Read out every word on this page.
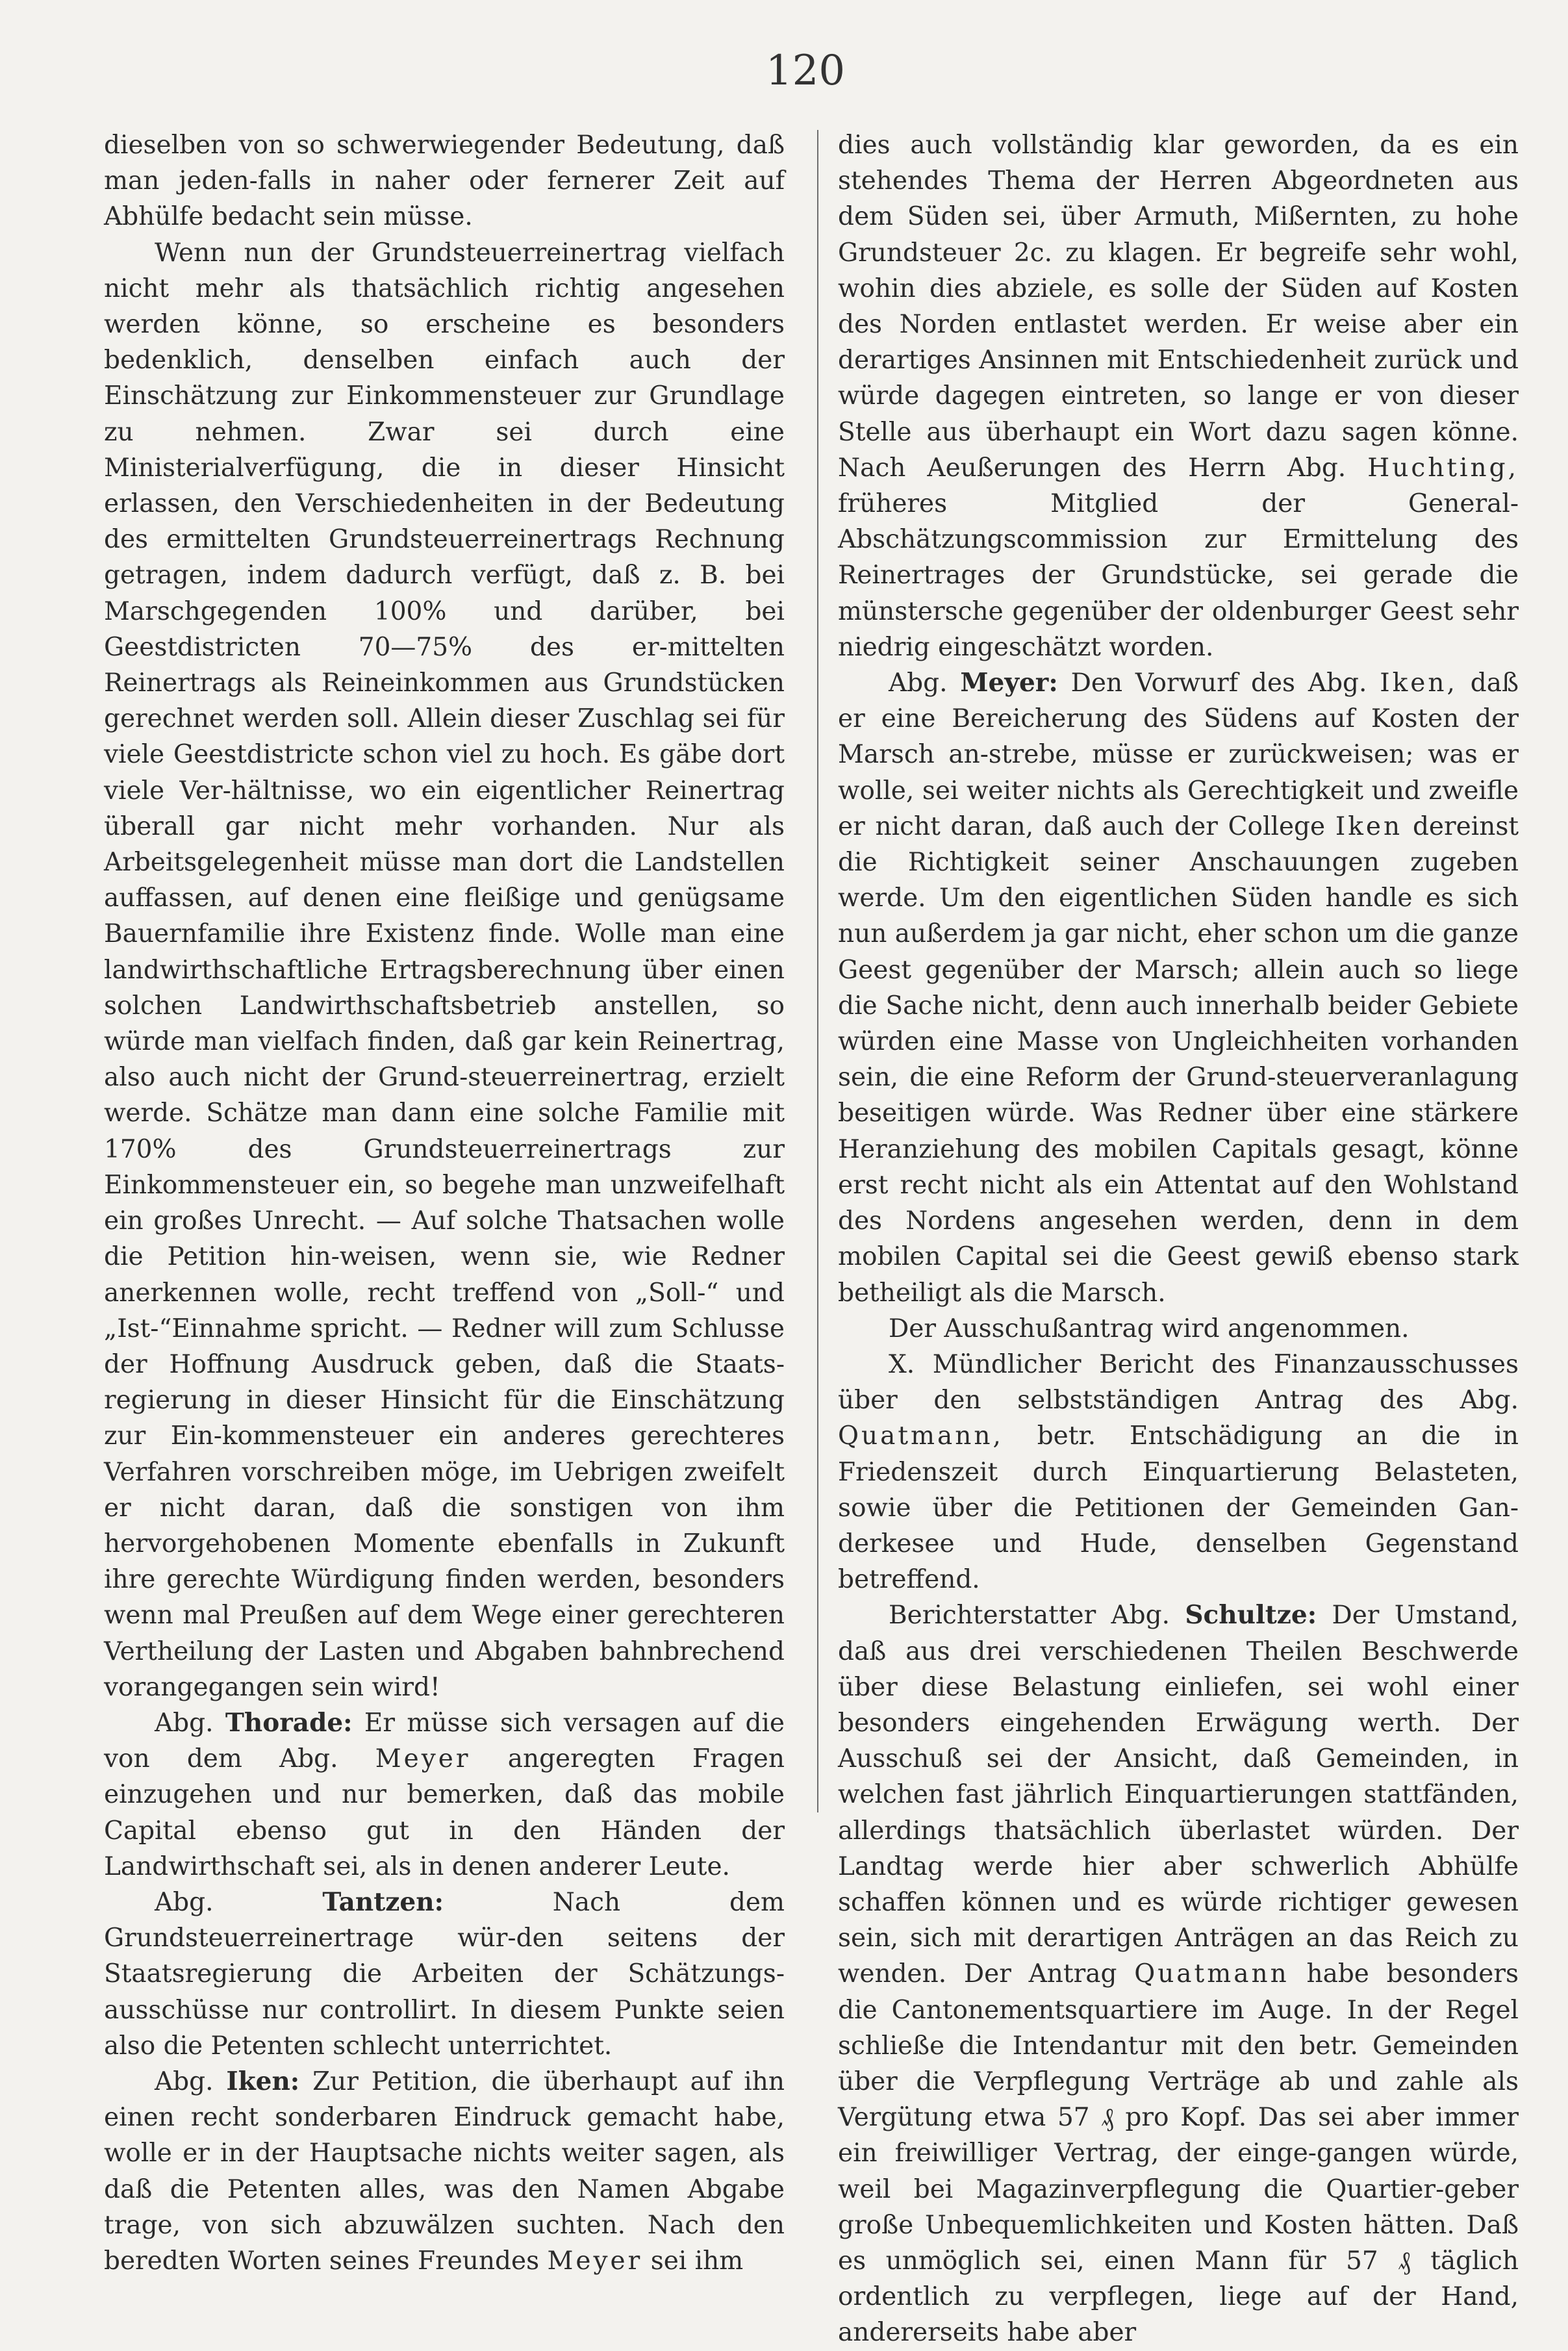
120

dieselben von so schwerwiegender Bedeutung, daß man jeden-falls in naher oder fernerer Zeit auf Abhülfe bedacht sein müsse.

Wenn nun der Grundsteuerreinertrag vielfach nicht mehr als thatsächlich richtig angesehen werden könne, so erscheine es besonders bedenklich, denselben einfach auch der Einschätzung zur Einkommensteuer zur Grundlage zu nehmen. Zwar sei durch eine Ministerialverfügung, die in dieser Hinsicht erlassen, den Verschiedenheiten in der Bedeutung des ermittelten Grundsteuerreinertrags Rechnung getragen, indem dadurch verfügt, daß z. B. bei Marschgegenden 100% und darüber, bei Geestdistricten 70—75% des er-mittelten Reinertrags als Reineinkommen aus Grundstücken gerechnet werden soll. Allein dieser Zuschlag sei für viele Geestdistricte schon viel zu hoch. Es gäbe dort viele Ver-hältnisse, wo ein eigentlicher Reinertrag überall gar nicht mehr vorhanden. Nur als Arbeitsgelegenheit müsse man dort die Landstellen auffassen, auf denen eine fleißige und genügsame Bauernfamilie ihre Existenz finde. Wolle man eine landwirthschaftliche Ertragsberechnung über einen solchen Landwirthschaftsbetrieb anstellen, so würde man vielfach finden, daß gar kein Reinertrag, also auch nicht der Grund-steuerreinertrag, erzielt werde. Schätze man dann eine solche Familie mit 170% des Grundsteuerreinertrags zur Einkommensteuer ein, so begehe man unzweifelhaft ein großes Unrecht. — Auf solche Thatsachen wolle die Petition hin-weisen, wenn sie, wie Redner anerkennen wolle, recht treffend von „Soll-“ und „Ist-“Einnahme spricht. — Redner will zum Schlusse der Hoffnung Ausdruck geben, daß die Staats-regierung in dieser Hinsicht für die Einschätzung zur Ein-kommensteuer ein anderes gerechteres Verfahren vorschreiben möge, im Uebrigen zweifelt er nicht daran, daß die sonstigen von ihm hervorgehobenen Momente ebenfalls in Zukunft ihre gerechte Würdigung finden werden, besonders wenn mal Preußen auf dem Wege einer gerechteren Vertheilung der Lasten und Abgaben bahnbrechend vorangegangen sein wird!

Abg. Thorade: Er müsse sich versagen auf die von dem Abg. Meyer angeregten Fragen einzugehen und nur bemerken, daß das mobile Capital ebenso gut in den Händen der Landwirthschaft sei, als in denen anderer Leute.

Abg.	Tantzen:	Nach dem Grundsteuerreinertrage wür-den seitens der Staatsregierung die Arbeiten der Schätzungs-ausschüsse nur controllirt. In diesem Punkte seien also die Petenten schlecht unterrichtet.

Abg. Iken: Zur Petition, die überhaupt auf ihn einen recht sonderbaren Eindruck gemacht habe, wolle er in der Hauptsache nichts weiter sagen, als daß die Petenten alles, was den Namen Abgabe trage, von sich abzuwälzen suchten. Nach den beredten Worten seines Freundes Meyer sei ihm

dies auch vollständig klar geworden, da es ein stehendes Thema der Herren Abgeordneten aus dem Süden sei, über Armuth, Mißernten, zu hohe Grundsteuer 2c. zu klagen. Er begreife sehr wohl, wohin dies abziele, es solle der Süden auf Kosten des Norden entlastet werden. Er weise aber ein derartiges Ansinnen mit Entschiedenheit zurück und würde dagegen eintreten, so lange er von dieser Stelle aus überhaupt ein Wort dazu sagen könne. Nach Aeußerungen des Herrn Abg. Huchting, früheres Mitglied der General-Abschätzungscommission zur Ermittelung des Reinertrages der Grundstücke, sei gerade die münstersche gegenüber der oldenburger Geest sehr niedrig eingeschätzt worden.

Abg. Meyer: Den Vorwurf des Abg. Iken, daß er eine Bereicherung des Südens auf Kosten der Marsch an-strebe, müsse er zurückweisen; was er wolle, sei weiter nichts als Gerechtigkeit und zweifle er nicht daran, daß auch der College Iken dereinst die Richtigkeit seiner Anschauungen zugeben werde. Um den eigentlichen Süden handle es sich nun außerdem ja gar nicht, eher schon um die ganze Geest gegenüber der Marsch; allein auch so liege die Sache nicht, denn auch innerhalb beider Gebiete würden eine Masse von Ungleichheiten vorhanden sein, die eine Reform der Grund-steuerveranlagung beseitigen würde. Was Redner über eine stärkere Heranziehung des mobilen Capitals gesagt, könne erst recht nicht als ein Attentat auf den Wohlstand des Nordens angesehen werden, denn in dem mobilen Capital sei die Geest gewiß ebenso stark betheiligt als die Marsch.

Der Ausschußantrag wird angenommen.

X. Mündlicher Bericht des Finanzausschusses über den selbstständigen Antrag des Abg. Quatmann, betr. Entschädigung an die in Friedenszeit durch Einquartierung Belasteten, sowie über die Petitionen der Gemeinden Gan-derkesee und Hude, denselben Gegenstand betreffend.

Berichterstatter Abg. Schultze: Der Umstand, daß aus drei verschiedenen Theilen Beschwerde über diese Belastung einliefen, sei wohl einer besonders eingehenden Erwägung werth. Der Ausschuß sei der Ansicht, daß Gemeinden, in welchen fast jährlich Einquartierungen stattfänden, allerdings thatsächlich überlastet würden. Der Landtag werde hier aber schwerlich Abhülfe schaffen können und es würde richtiger gewesen sein, sich mit derartigen Anträgen an das Reich zu wenden. Der Antrag Quatmann habe besonders die Cantonementsquartiere im Auge. In der Regel schließe die Intendantur mit den betr. Gemeinden über die Verpflegung Verträge ab und zahle als Vergütung etwa 57 ₰ pro Kopf. Das sei aber immer ein freiwilliger Vertrag, der einge-gangen würde, weil bei Magazinverpflegung die Quartier-geber große Unbequemlichkeiten und Kosten hätten. Daß es unmöglich sei, einen Mann für 57 ₰ täglich ordentlich zu verpflegen, liege auf der Hand, andererseits habe aber
